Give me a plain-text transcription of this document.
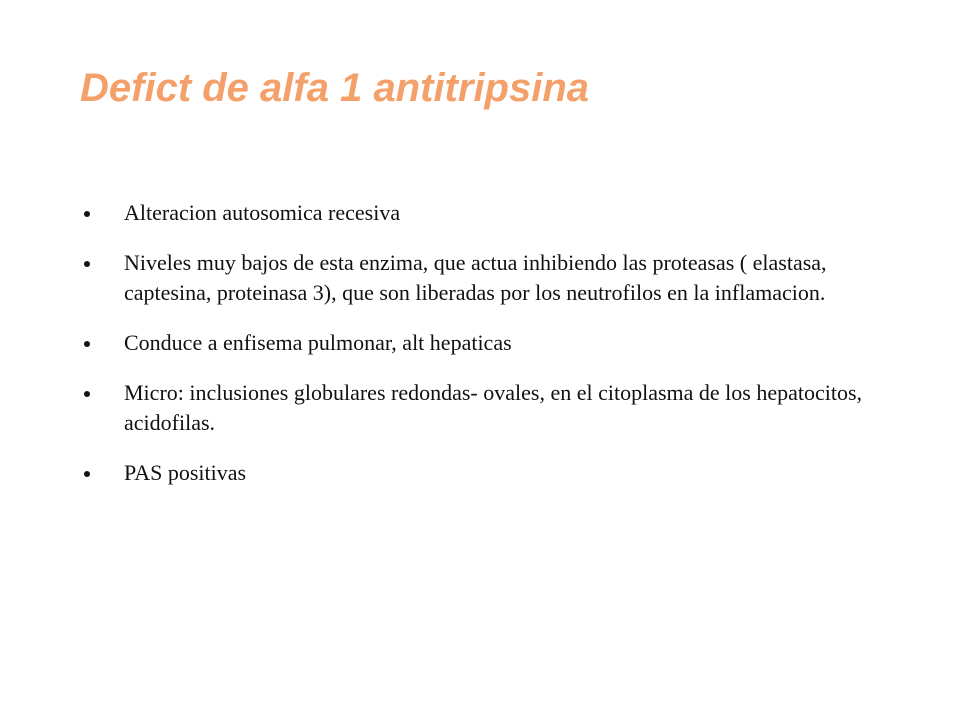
Defict de alfa 1 antitripsina
Alteracion autosomica recesiva
Niveles muy bajos de esta enzima, que actua inhibiendo las proteasas ( elastasa, captesina, proteinasa 3), que son liberadas por los neutrofilos en la inflamacion.
Conduce a enfisema pulmonar, alt hepaticas
Micro: inclusiones globulares redondas- ovales, en el citoplasma de los hepatocitos, acidofilas.
PAS positivas
